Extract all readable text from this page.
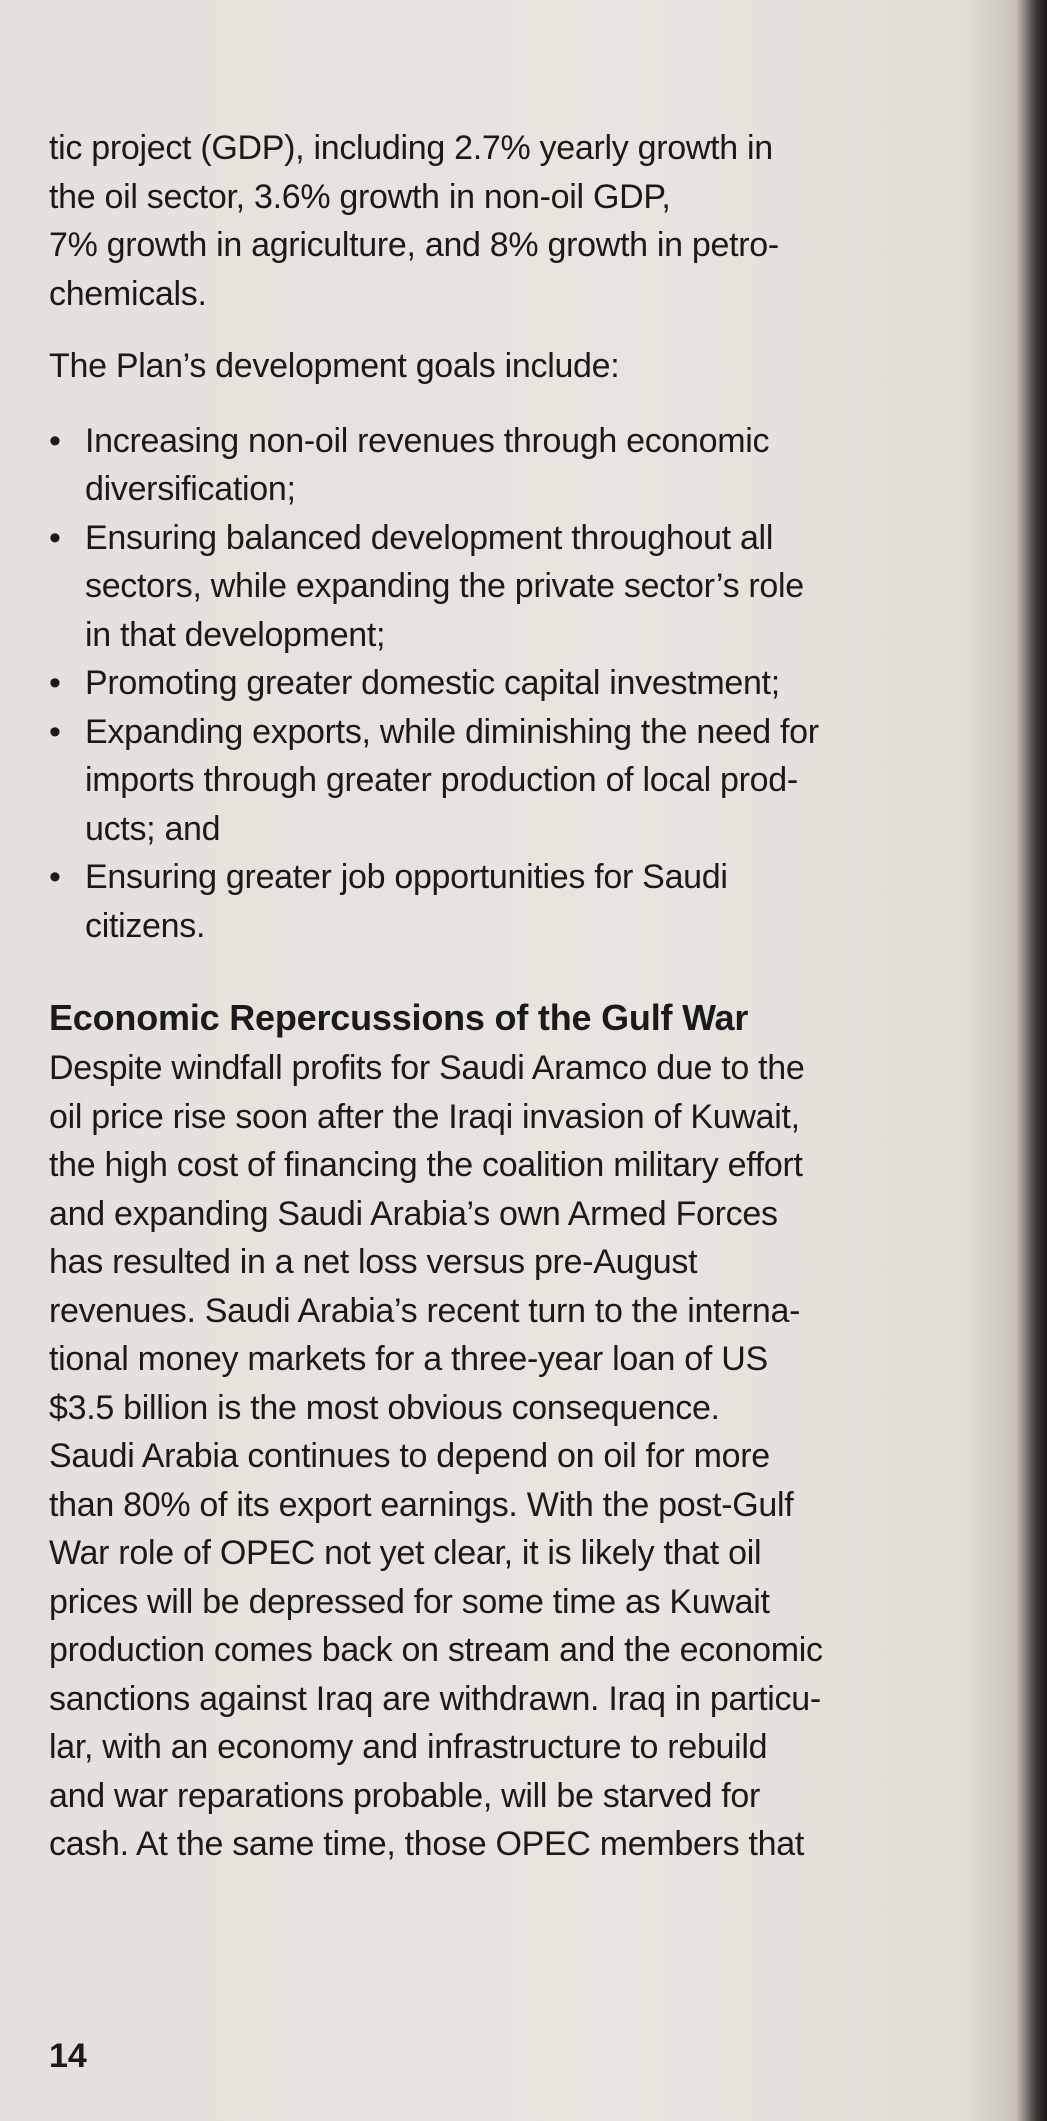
tic project (GDP), including 2.7% yearly growth in
the oil sector, 3.6% growth in non-oil GDP,
7% growth in agriculture, and 8% growth in petro-
chemicals.

The Plan’s development goals include:

• Increasing non-oil revenues through economic
diversification;
• Ensuring balanced development throughout all
sectors, while expanding the private sector’s role
in that development;
• Promoting greater domestic capital investment;
• Expanding exports, while diminishing the need for
imports through greater production of local prod-
ucts; and
• Ensuring greater job opportunities for Saudi
citizens.
Economic Repercussions of the Gulf War
Despite windfall profits for Saudi Aramco due to the
oil price rise soon after the Iraqi invasion of Kuwait,
the high cost of financing the coalition military effort
and expanding Saudi Arabia’s own Armed Forces
has resulted in a net loss versus pre-August
revenues. Saudi Arabia’s recent turn to the interna-
tional money markets for a three-year loan of US
$3.5 billion is the most obvious consequence.
Saudi Arabia continues to depend on oil for more
than 80% of its export earnings. With the post-Gulf
War role of OPEC not yet clear, it is likely that oil
prices will be depressed for some time as Kuwait
production comes back on stream and the economic
sanctions against Iraq are withdrawn. Iraq in particu-
lar, with an economy and infrastructure to rebuild
and war reparations probable, will be starved for
cash. At the same time, those OPEC members that
14
